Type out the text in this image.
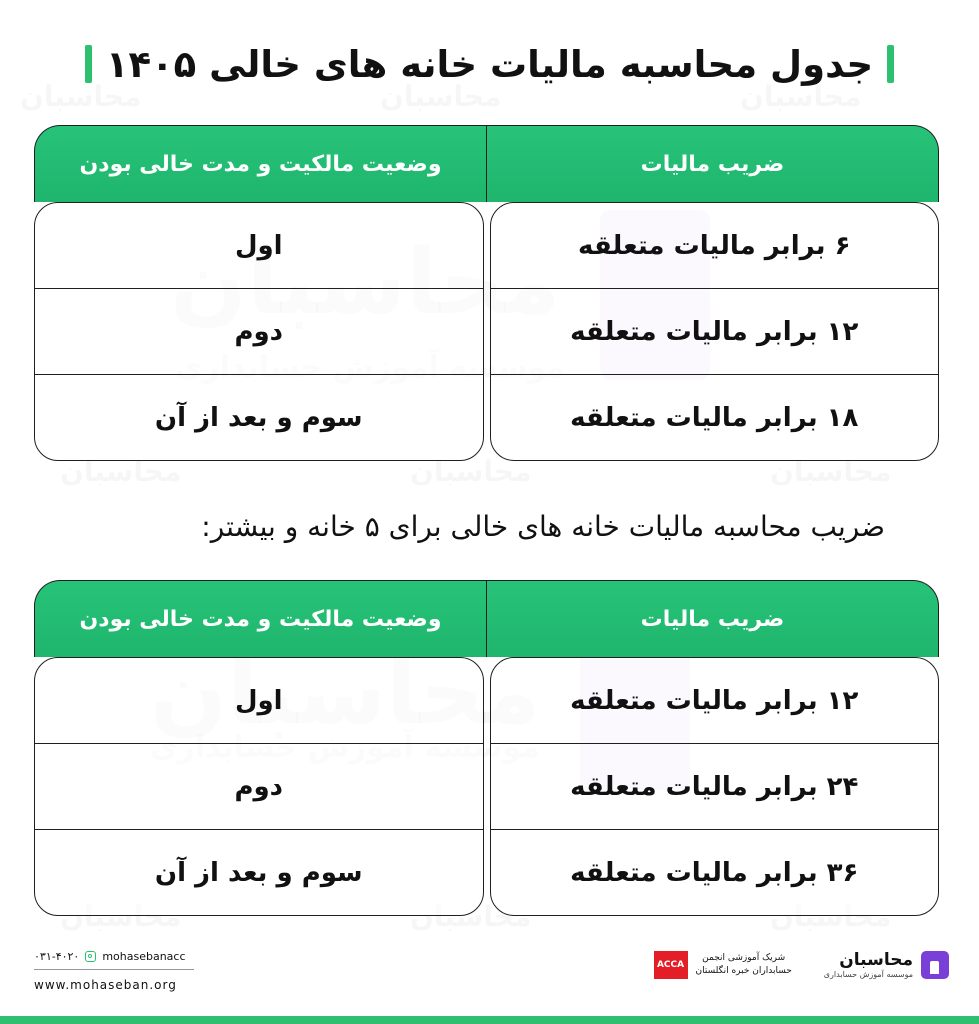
جدول محاسبه مالیات خانه های خالی ۱۴۰۵
ضریب مالیات
وضعیت مالکیت و مدت خالی بودن
۶ برابر مالیات متعلقه
۱۲ برابر مالیات متعلقه
۱۸ برابر مالیات متعلقه
اول
دوم
سوم و بعد از آن
ضریب محاسبه مالیات خانه های خالی برای ۵ خانه و بیشتر:
ضریب مالیات
وضعیت مالکیت و مدت خالی بودن
۱۲ برابر مالیات متعلقه
۲۴ برابر مالیات متعلقه
۳۶ برابر مالیات متعلقه
اول
دوم
سوم و بعد از آن
۰۳۱-۴۰۲۰ mohasebanacc
www.mohaseban.org
محاسبان
موسسه آموزش حسابداری
شریک آموزشی انجمن
حسابداران خبره انگلستان
ACCA
